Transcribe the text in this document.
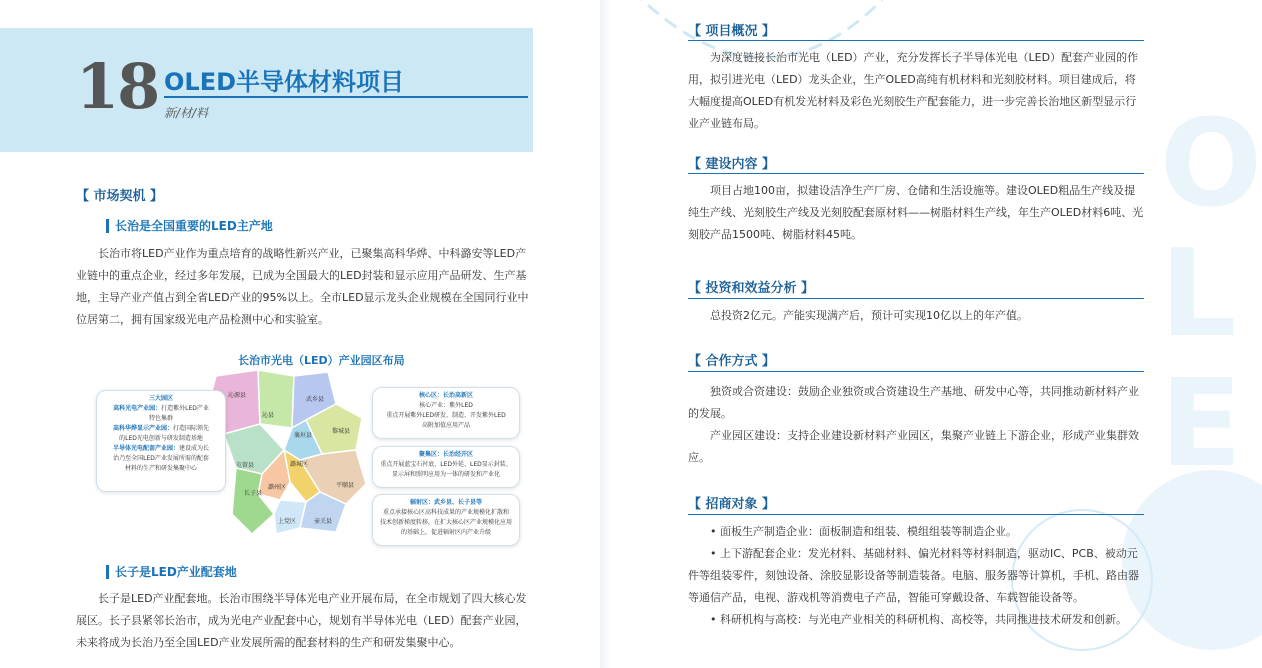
18 OLED半导体材料项目
新/材/料
【 市场契机 】
长治是全国重要的LED主产地

长治市将LED产业作为重点培育的战略性新兴产业，已聚集高科华烨、中科潞安等LED产业链中的重点企业，经过多年发展，已成为全国最大的LED封装和显示应用产品研发、生产基地，主导产业产值占到全省LED产业的95%以上。全市LED显示龙头企业规模在全国同行业中位居第二，拥有国家级光电产品检测中心和实验室。

长治市光电（LED）产业园区布局
沁源县
沁县
武乡县
襄垣县
黎城县
屯留县	潞城区
长子县
潞州区
上党区
平顺县
壶关县
三大园区
高科光电产业园：打造紫外LED产业
特色集群
高科华烨显示产业园：打造国际领先
的LED光电创新与研发制造基地
半导体光电配套产业园：建设成为长
治乃至全国LED产业发展所需的配套
材料的生产和研发集聚中心
核心区：长治高新区
核心产业：紫外LED
重点开展紫外LED研发、制造、开发紫外LED
高附加值应用产品
聚集区：长治经开区
重点开展蓝宝石衬底、LED外延、LED显示封装、
显示屏和照明应用为一体的研发和产业化
辐射区：武乡县、长子县等
重点承接核心区高科技成果的产业规模化扩散和
技术创新梯度转移，在扩大核心区产业规模化应用
的基础上，促进辐射区内产业升级
长子是LED产业配套地

长子是LED产业配套地。长治市围绕半导体光电产业开展布局，在全市规划了四大核心发展区。长子县紧邻长治市，成为光电产业配套中心，规划有半导体光电（LED）配套产业园，未来将成为长治乃至全国LED产业发展所需的配套材料的生产和研发集聚中心。

OLED
【 项目概况 】

为深度链接长治市光电（LED）产业，充分发挥长子半导体光电（LED）配套产业园的作用，拟引进光电（LED）龙头企业，生产OLED高纯有机材料和光刻胶材料。项目建成后，将大幅度提高OLED有机发光材料及彩色光刻胶生产配套能力，进一步完善长治地区新型显示行业产业链布局。

【 建设内容 】

项目占地100亩，拟建设洁净生产厂房、仓储和生活设施等。建设OLED粗品生产线及提纯生产线、光刻胶生产线及光刻胶配套原材料——树脂材料生产线，年生产OLED材料6吨、光刻胶产品1500吨、树脂材料45吨。

【 投资和效益分析 】

总投资2亿元。产能实现满产后，预计可实现10亿以上的年产值。

【 合作方式 】

独资或合资建设：鼓励企业独资或合资建设生产基地、研发中心等，共同推动新材料产业的发展。

产业园区建设：支持企业建设新材料产业园区，集聚产业链上下游企业，形成产业集群效应。

【 招商对象 】

• 面板生产制造企业：面板制造和组装、模组组装等制造企业。

• 上下游配套企业：发光材料、基础材料、偏光材料等材料制造，驱动IC、PCB、被动元件等组装零件，刻蚀设备、涂胶显影设备等制造装备。电脑、服务器等计算机，手机、路由器等通信产品，电视、游戏机等消费电子产品，智能可穿戴设备、车载智能设备等。

• 科研机构与高校：与光电产业相关的科研机构、高校等，共同推进技术研发和创新。
